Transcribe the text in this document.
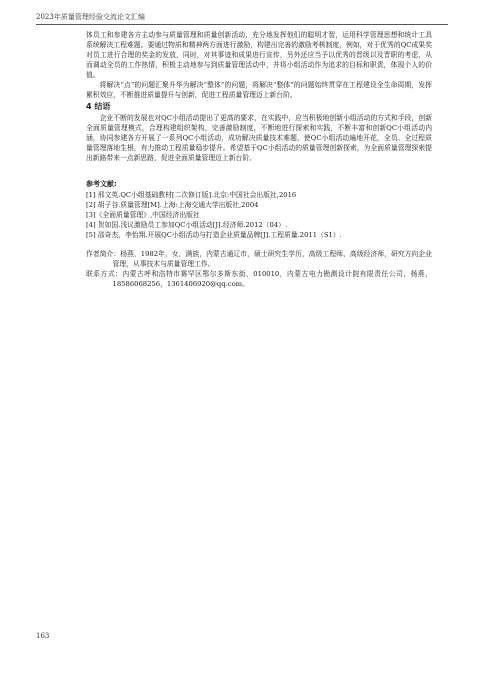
2023年质量管理经验交流论文汇编

体员工和参建各方主动参与质量管理和质量创新活动，充分地发挥他们的聪明才智，运用科学管理思想和统计工具系统解决工程难题。要通过物质和精神两方面进行激励，构建出完善的激励考核制度，例如，对于优秀的QC成果奖对员工进行合理的奖金的发放，同时，对其事迹和成果进行宣传，另外还应当予以优秀的晋级以及晋职的考虑，从而调动全员的工作热情，积极主动地参与到质量管理活动中，并将小组活动作为追求的目标和职责，体现个人的价值。

将解决“点”的问题汇聚升华为解决“整体”的问题，将解决“整体”的问题始终贯穿在工程建设全生命周期，发挥累积效应，不断推进质量提升与创新，促进工程质量管理迈上新台阶。

4 结语

企业不断的发展也对QC小组活动提出了更高的要求，在实践中，应当积极地创新小组活动的方式和手段，创新全面质量管理模式，合理构建组织架构，完善激励制度，不断地进行探索和实践，不断丰富和创新QC小组活动内涵，协同参建各方开展了一系列QC小组活动，成功解决质量技术难题，使QC小组活动遍地开花，全员、全过程质量管理落地生根，有力推动工程质量稳步提升。希望基于QC小组活动的质量管理创新探索，为全面质量管理探索提出新路带来一点新思路，促进全面质量管理迈上新台阶。

参考文献:

[1] 邢文英.QC小组基础教材[二次修订版].北京:中国社会出版社,2016

[2] 胡子谷.质量管理[M].上海:上海交通大学出版社,2004

[3]《全面质量管理》,中国经济出版社

[4] 贺如国.浅议激励员工参加QC小组活动[J].经济师.2012（04）.

[5] 邵奇杰，李怡翔.开展QC小组活动与打造企业质量品牌[J].工程质量.2011（S1）.

作者简介：杨燕，1982年，女，满族，内蒙古通辽市，硕士研究生学历，高级工程师、高级经济师，研究方向企业管理，从事技术与质量管理工作。

联系方式：内蒙古呼和浩特市赛罕区鄂尔多斯东街，010010，内蒙古电力勘测设计院有限责任公司，杨燕，18586068256，1361406920@qq.com。

163
